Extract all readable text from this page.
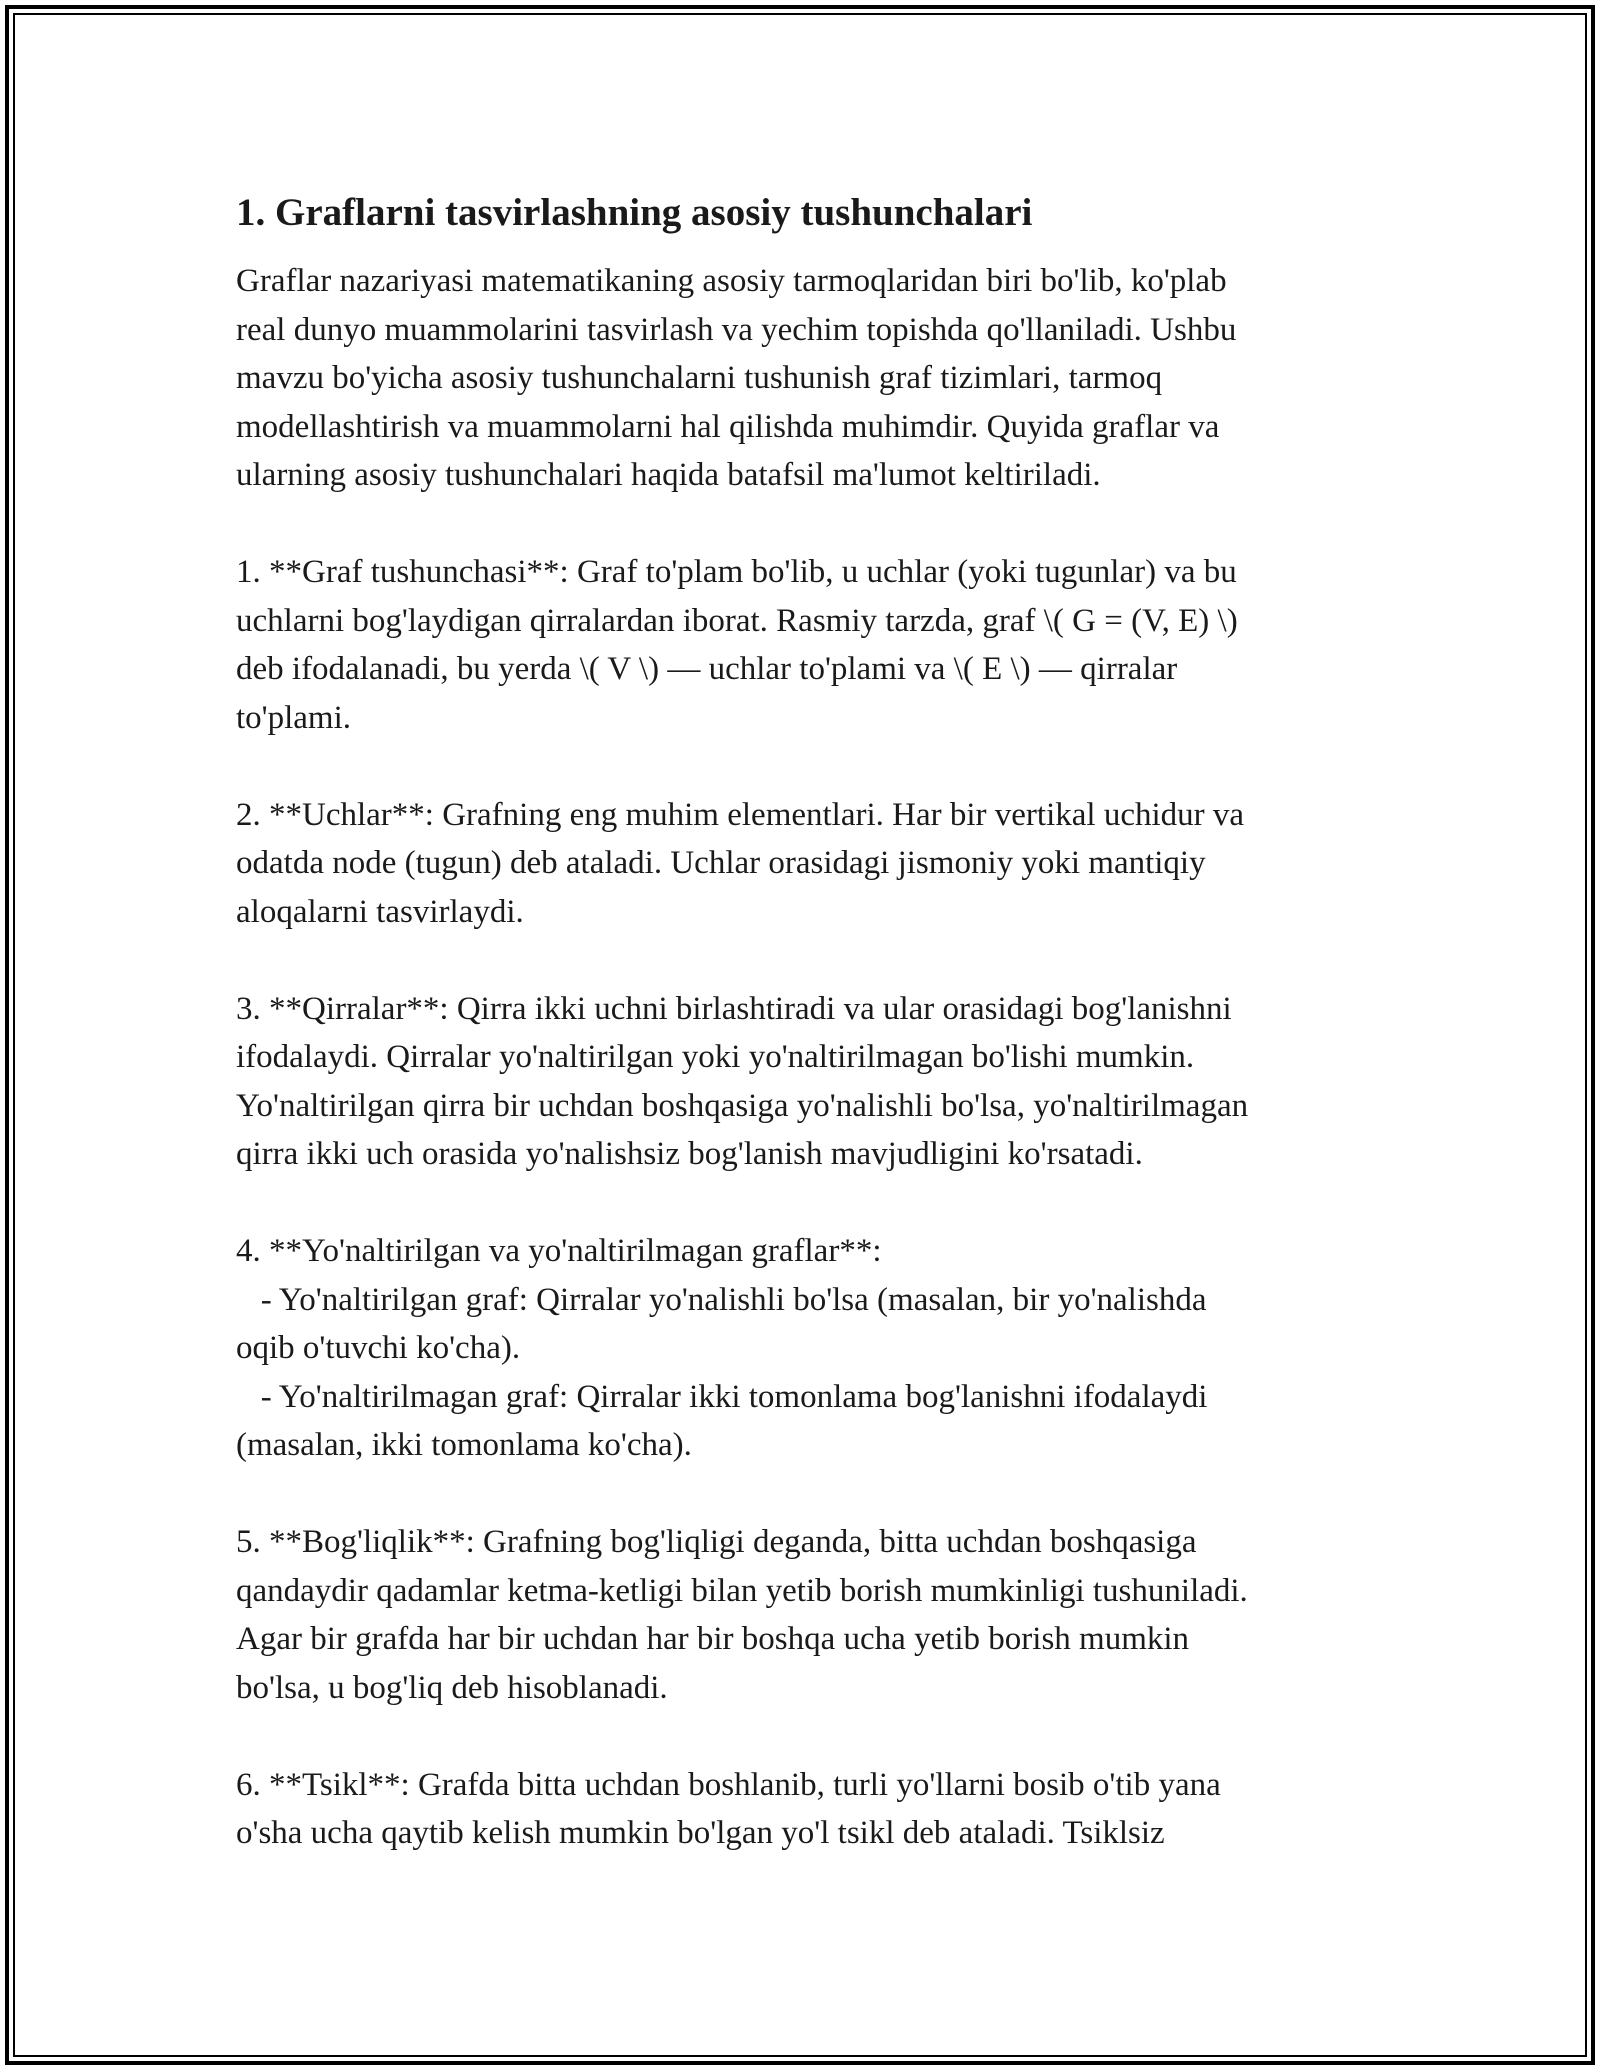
1. Graflarni tasvirlashning asosiy tushunchalari

Graflar nazariyasi matematikaning asosiy tarmoqlaridan biri bo'lib, ko'plab
real dunyo muammolarini tasvirlash va yechim topishda qo'llaniladi. Ushbu
mavzu bo'yicha asosiy tushunchalarni tushunish graf tizimlari, tarmoq
modellashtirish va muammolarni hal qilishda muhimdir. Quyida graflar va
ularning asosiy tushunchalari haqida batafsil ma'lumot keltiriladi.

1. **Graf tushunchasi**: Graf to'plam bo'lib, u uchlar (yoki tugunlar) va bu
uchlarni bog'laydigan qirralardan iborat. Rasmiy tarzda, graf \( G = (V, E) \)
deb ifodalanadi, bu yerda \( V \) — uchlar to'plami va \( E \) — qirralar
to'plami.

2. **Uchlar**: Grafning eng muhim elementlari. Har bir vertikal uchidur va
odatda node (tugun) deb ataladi. Uchlar orasidagi jismoniy yoki mantiqiy
aloqalarni tasvirlaydi.

3. **Qirralar**: Qirra ikki uchni birlashtiradi va ular orasidagi bog'lanishni
ifodalaydi. Qirralar yo'naltirilgan yoki yo'naltirilmagan bo'lishi mumkin.
Yo'naltirilgan qirra bir uchdan boshqasiga yo'nalishli bo'lsa, yo'naltirilmagan
qirra ikki uch orasida yo'nalishsiz bog'lanish mavjudligini ko'rsatadi.

4. **Yo'naltirilgan va yo'naltirilmagan graflar**:
- Yo'naltirilgan graf: Qirralar yo'nalishli bo'lsa (masalan, bir yo'nalishda
oqib o'tuvchi ko'cha).
- Yo'naltirilmagan graf: Qirralar ikki tomonlama bog'lanishni ifodalaydi
(masalan, ikki tomonlama ko'cha).

5. **Bog'liqlik**: Grafning bog'liqligi deganda, bitta uchdan boshqasiga
qandaydir qadamlar ketma-ketligi bilan yetib borish mumkinligi tushuniladi.
Agar bir grafda har bir uchdan har bir boshqa ucha yetib borish mumkin
bo'lsa, u bog'liq deb hisoblanadi.

6. **Tsikl**: Grafda bitta uchdan boshlanib, turli yo'llarni bosib o'tib yana
o'sha ucha qaytib kelish mumkin bo'lgan yo'l tsikl deb ataladi. Tsiklsiz
